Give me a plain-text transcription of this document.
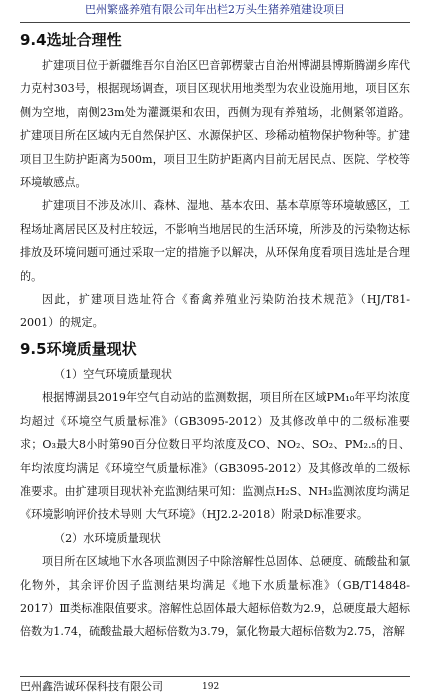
巴州繁盛养殖有限公司年出栏2万头生猪养殖建设项目
9.4选址合理性

扩建项目位于新疆维吾尔自治区巴音郭楞蒙古自治州博湖县博斯腾湖乡库代力克村303号，根据现场调查，项目区现状用地类型为农业设施用地，项目区东侧为空地，南侧23m处为灌溉渠和农田，西侧为现有养殖场，北侧紧邻道路。扩建项目所在区域内无自然保护区、水源保护区、珍稀动植物保护物种等。扩建项目卫生防护距离为500m，项目卫生防护距离内目前无居民点、医院、学校等环境敏感点。

扩建项目不涉及冰川、森林、湿地、基本农田、基本草原等环境敏感区，工程场址离居民区及村庄较远，不影响当地居民的生活环境，所涉及的污染物达标排放及环境问题可通过采取一定的措施予以解决，从环保角度看项目选址是合理的。

因此，扩建项目选址符合《畜禽养殖业污染防治技术规范》（HJ/T81-2001）的规定。

9.5环境质量现状

（1）空气环境质量现状

根据博湖县2019年空气自动站的监测数据，项目所在区域PM₁₀年平均浓度均超过《环境空气质量标准》（GB3095-2012）及其修改单中的二级标准要求；O₃最大8小时第90百分位数日平均浓度及CO、NO₂、SO₂、PM₂.₅的日、年均浓度均满足《环境空气质量标准》（GB3095-2012）及其修改单的二级标准要求。由扩建项目现状补充监测结果可知：监测点H₂S、NH₃监测浓度均满足《环境影响评价技术导则 大气环境》（HJ2.2-2018）附录D标准要求。

（2）水环境质量现状

项目所在区域地下水各项监测因子中除溶解性总固体、总硬度、硫酸盐和氯化物外，其余评价因子监测结果均满足《地下水质量标准》（GB/T14848-2017）Ⅲ类标准限值要求。溶解性总固体最大超标倍数为2.9，总硬度最大超标倍数为1.74，硫酸盐最大超标倍数为3.79，氯化物最大超标倍数为2.75，溶解

巴州鑫浩诚环保科技有限公司	192
